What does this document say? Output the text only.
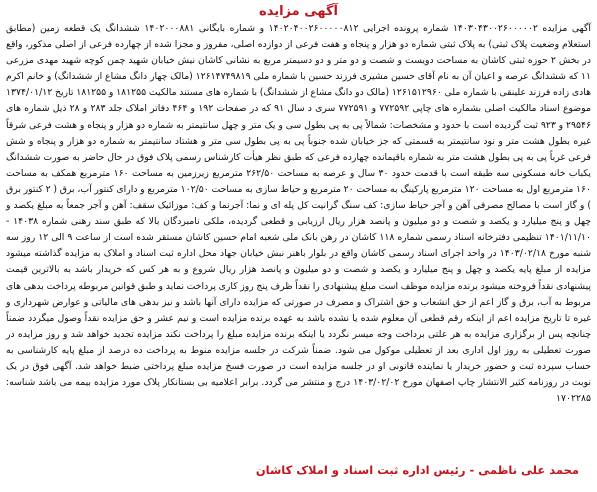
آگهی مزایده

آگهی مزایده ۱۴۰۳۰۴۳۰۰۲۶۰۰۰۰۰۲ شماره پرونده اجرایی ۱۴۰۲۰۴۰۰۲۶۰۰۰۰۰۸۱۲ و شماره بایگانی ۱۴۰۲۰۰۰۸۸۱ ششدانگ یک قطعه زمین (مطابق استعلام وضعیت پلاک ثبتی) به پلاک ثبتی شماره دو هزار و پنجاه و هفت فرعی از دوازده اصلی، مفروز و مجزا شده از چهارده فرعی از اصلی مذکور، واقع در بخش ۲ حوزه ثبتی کاشان به مساحت دویست و شصت و دو متر و دو دسیمتر مربع به نشانی کاشان نیش خیابان شهید چمن کوچه شهید مهدی مزرعی ۱۱ که ششدانگ عرصه و اعیان آن به نام آقای حسین مشیری فرزند حسین با شماره ملی ۱۲۶۱۴۷۴۹۸۱۹ (مالک چهار دانگ مشاع از ششدانگ) و خانم اکرم هادی زاده فرزند علینقی با شماره ملی ۱۲۶۱۵۱۲۹۶۰ (مالک دو دانگ مشاع از ششدانگ) با شماره های مستند مالکیت ۱۸۱۲۵۵ و ۱۸۱۲۵۵ تاریخ ۱۳۷۴/۰۱/۱۲ موضوع اسناد مالکیت اصلی بشماره های چاپی ۷۷۲۵۹۲ و ۷۷۲۵۹۱ سری د سال ۹۱ که در صفحات ۱۹۲ و ۴۶۴ دفاتر املاک جلد ۲۸۳ و ۲۸ ذیل شماره های ۲۹۵۴۶ و ۹۲۳ ثبت گردیده است با حدود و مشخصات: شمالاً پی به پی بطول سی و یک متر و چهل سانتیمتر به شماره دو هزار و پنجاه و هشت فرعی شرقاً غیره بطول هشت متر و نود سانتیمتر به قسمتی که جز خیابان شده جنوباً پی به پی بطول سی متر و هشتاد سانتیمتر به شماره دو هزار و پنجاه و شش فرعی غرباً پی به پی بطول هشت متر به شماره باقیمانده چهارده فرعی که طبق نظر هیأت کارشناس رسمی پلاک فوق در حال حاضر به صورت ششدانگ یکباب خانه مسکونی سه طبقه است با قدمت حدود ۳۰ سال و عرصه به مساحت ۲۶۲/۵۰ مترمربع زیرزمین به مساحت ۱۶۰ مترمربع همکف به مساحت ۱۶۰ مترمربع اول به مساحت ۱۲۰ مترمربع پارکینگ به مساحت ۲۰ مترمربع و حیاط سازی به مساحت ۱۰۲/۵۰ مترمربع و دارای کنتور آب، برق ( ۲ کنتور برق ) و گاز است با مصالح مصرفی آهن و آجر حیاط سازی: کف سنگ گرانیت کل پله ای و نما: آجرنما و کف: موزائیک سقف: آهن و آجر جمعاً به مبلغ یکصد و چهل و پنج میلیارد و یکصد و شصت و دو میلیون و پانصد هزار ریال ارزیابی و قطعی گردیده، ملکی نامبردگان بالا که طبق سند رهنی شماره ۱۴۰۳۸ - ۱۴۰۱/۱۱/۱۰ تنظیمی دفترخانه اسناد رسمی شماره ۱۱۸ کاشان در رهن بانک ملی شعبه امام حسین کاشان مستقر شده است از ساعت ۹ الی ۱۲ روز سه شنبه مورخ ۱۴۰۳/۰۲/۱۸ در واحد اجرای اسناد رسمی کاشان واقع در بلوار باهنر نبش خیابان جهاد محل اداره ثبت اسناد و املاک به مزایده گذاشته میشود مزایده از مبلغ پایه یکصد و چهل و پنج میلیارد و یکصد و شصت و دو میلیون و پانصد هزار ریال شروع و به هر کس که خریدار باشد به بالاترین قیمت پیشنهادی نقداً فروخته میشود برنده مزایده موظف است مبلغ پیشنهادی را نقداً ظرف پنج روز کاری پرداخت نماید و طبق قوانین مربوطه پرداخت بدهی های مربوط به آب، برق و گاز اعم از حق انشعاب و حق اشتراک و مصرف در صورتی که مزایده دارای آنها باشد و نیز بدهی های مالیاتی و عوارض شهرداری و غیره تا تاریخ مزایده اعم از اینکه رقم قطعی آن معلوم شده یا نشده باشد به عهده برنده مزایده است و نیم عشر و حق مزایده نقداً وصول میگردد ضمناً چنانچه پس از برگزاری مزایده به هر علتی برداخت وجه میسر نگردد یا اینکه برنده مزایده مبلغ را پرداخت نکند مزایده تجدید خواهد شد و روز مزایده در صورت تعطیلی به روز اول اداری بعد از تعطیلی موکول می شود. ضمناً شرکت در جلسه مزایده منوط به پرداخت ده درصد از مبلغ پایه کارشناسی به حساب سپرده ثبت و حضور خریدار یا نماینده قانونی او در جلسه مزایده است در صورت فسخ مزایده مبلغ پرداختی ضبط خواهد شد. آگهی فوق در یک نوبت در روزنامه کثیر الانتشار چاپ اصفهان مورخ ۱۴۰۳/۰۲/۰۲ درج و منتشر می گردد. برابر اعلامیه بی بستانکار پلاک مورد مزایده بیمه می باشد شناسه: ۱۷۰۲۲۸۵

محمد علی ناظمی - رئیس اداره ثبت اسناد و املاک کاشان
